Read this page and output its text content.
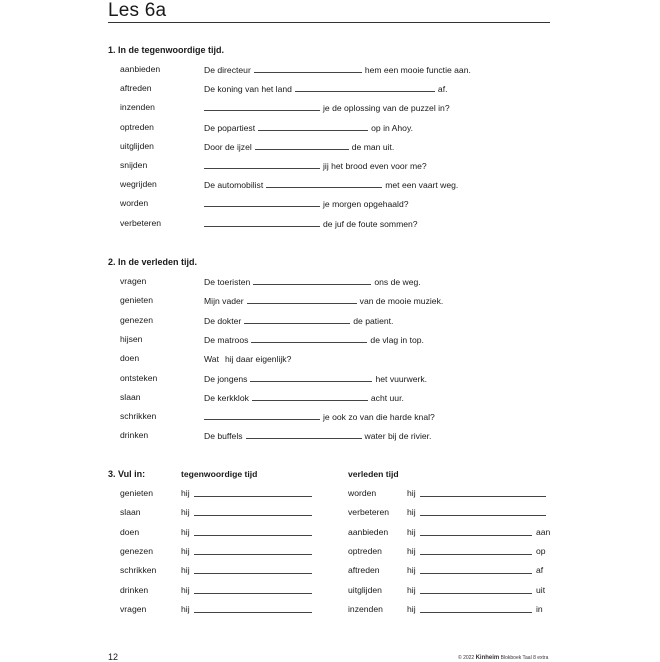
Les 6a
1. In de tegenwoordige tijd.
aanbieden	De directeur	hem een mooie functie aan.
aftreden	De koning van het land	af.
inzenden	je de oplossing van de puzzel in?
optreden	De popartiest	op in Ahoy.
uitglijden	Door de ijzel	de man uit.
snijden	jij het brood even voor me?
wegrijden	De automobilist	met een vaart weg.
worden	je morgen opgehaald?
verbeteren	de juf de foute sommen?
2. In de verleden tijd.
vragen	De toeristen	ons de weg.
genieten	Mijn vader	van de mooie muziek.
genezen	De dokter	de patient.
hijsen	De matroos	de vlag in top.
doen	Wat hij daar eigenlijk?
ontsteken	De jongens	het vuurwerk.
slaan	De kerkklok	acht uur.
schrikken	je ook zo van die harde knal?
drinken	De buffels	water bij de rivier.
3. Vul in:	tegenwoordige tijd	verleden tijd
genieten	hij
slaan	hij
doen	hij
genezen	hij
schrikken	hij
drinken	hij
vragen	hij
worden	hij
verbeteren hij
aanbieden hij	aan
optreden	hij	op
aftreden	hij	af
uitglijden	hij	uit
inzenden	hij	in
12	© 2022 Kinheim Blokboek Taal 8 extra
